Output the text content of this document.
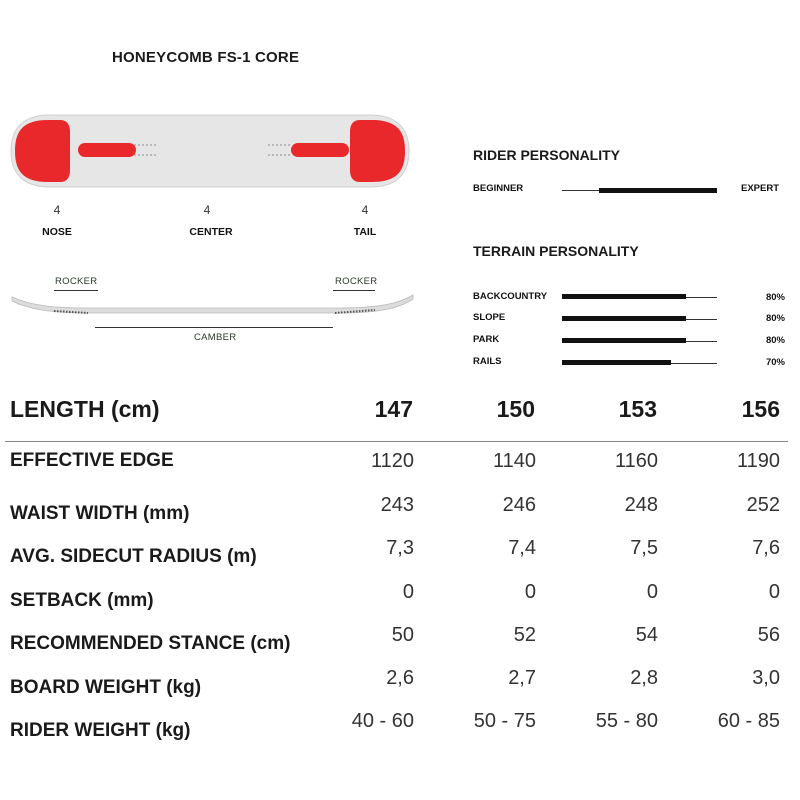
HONEYCOMB FS-1 CORE
4	4	4
NOSE	CENTER	TAIL
ROCKER	ROCKER
CAMBER
RIDER PERSONALITY
BEGINNER	EXPERT
TERRAIN PERSONALITY
BACKCOUNTRY	80%
SLOPE	80%
PARK	80%
RAILS	70%
LENGTH (cm)	147	150	153	156
EFFECTIVE EDGE	1120	1140	1160	1190
WAIST WIDTH (mm)	243	246	248	252
AVG. SIDECUT RADIUS (m)	7,3	7,4	7,5	7,6
SETBACK (mm)	0	0	0	0
RECOMMENDED STANCE (cm)	50	52	54	56
BOARD WEIGHT (kg)	2,6	2,7	2,8	3,0
RIDER WEIGHT (kg)	40 - 60	50 - 75	55 - 80	60 - 85
